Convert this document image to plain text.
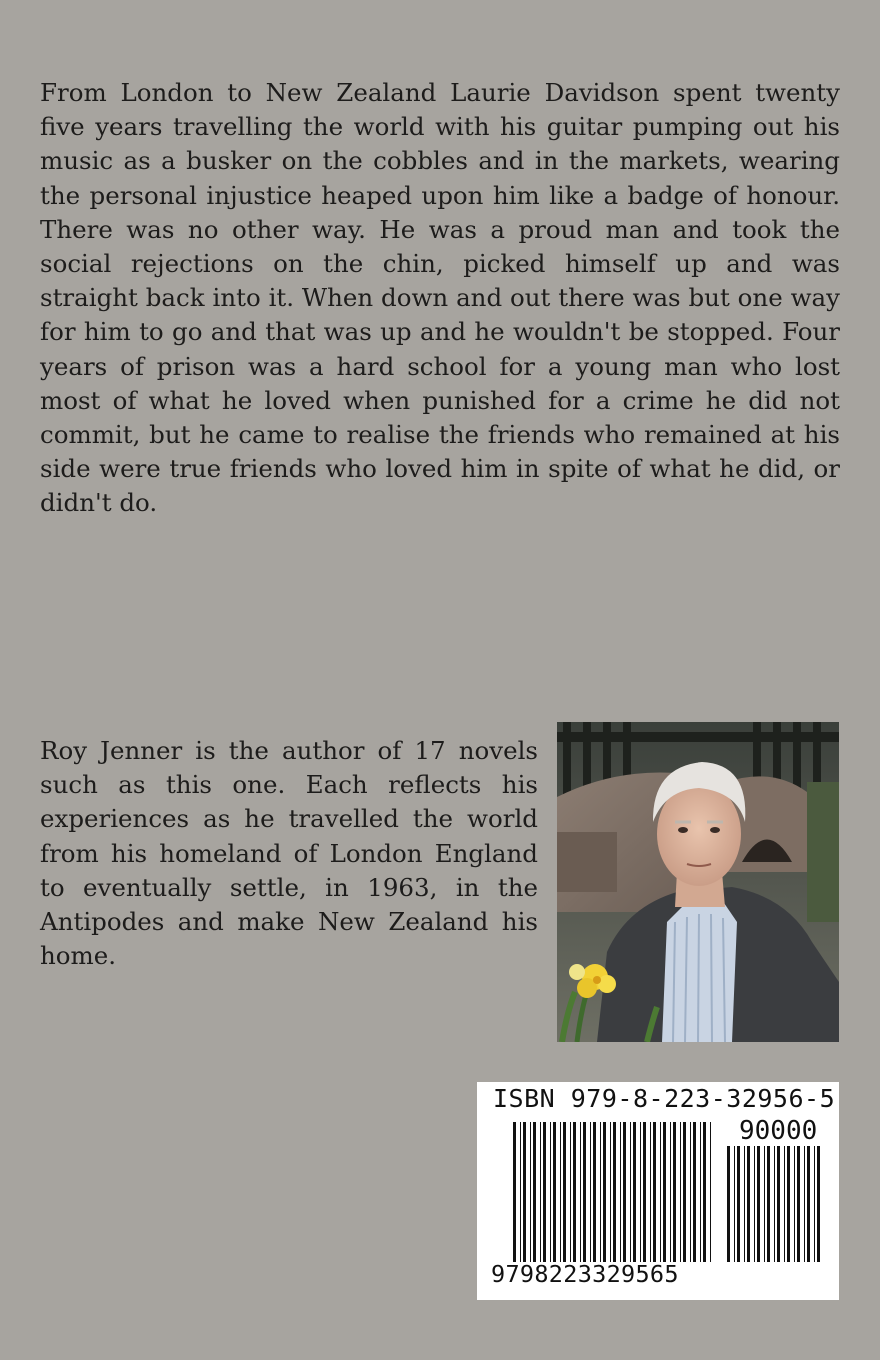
From London to New Zealand Laurie Davidson spent twenty five years travelling the world with his guitar pumping out his music as a busker on the cobbles and in the markets, wearing the personal injustice heaped upon him like a badge of honour. There was no other way. He was a proud man and took the social rejections on the chin, picked himself up and was straight back into it. When down and out there was but one way for him to go and that was up and he wouldn't be stopped. Four years of prison was a hard school for a young man who lost most of what he loved when punished for a crime he did not commit, but he came to realise the friends who remained at his side were true friends who loved him in spite of what he did, or didn't do.

Roy Jenner is the author of 17 novels such as this one. Each reflects his experiences as he travelled the world from his homeland of London England to eventually settle, in 1963, in the Antipodes and make New Zealand his home.

ISBN 979-8-223-32956-5
90000
9798223329565
